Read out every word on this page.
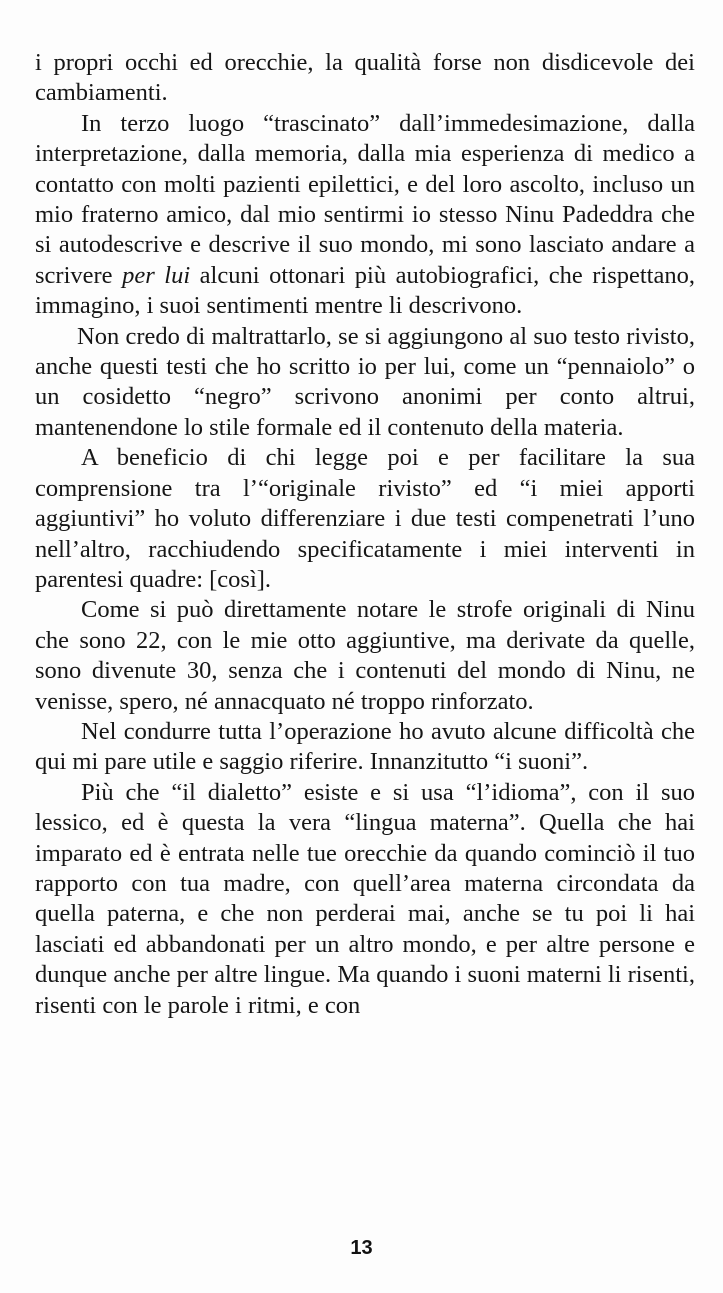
i propri occhi ed orecchie, la qualità forse non disdicevole dei cambiamenti.

In terzo luogo “trascinato” dall’immedesimazione, dalla interpretazione, dalla memoria, dalla mia esperienza di medico a contatto con molti pazienti epilettici, e del loro ascolto, incluso un mio fraterno amico, dal mio sentirmi io stesso Ninu Padeddra che si autodescrive e descrive il suo mondo, mi sono lasciato andare a scrivere per lui alcuni ottonari più autobiografici, che rispettano, immagino, i suoi sentimenti mentre li descrivono.

Non credo di maltrattarlo, se si aggiungono al suo testo rivisto, anche questi testi che ho scritto io per lui, come un “pennaiolo” o un cosidetto “negro” scrivono anonimi per conto altrui, mantenendone lo stile formale ed il contenuto della materia.

A beneficio di chi legge poi e per facilitare la sua comprensione tra l’“originale rivisto” ed “i miei apporti aggiuntivi” ho voluto differenziare i due testi compenetrati l’uno nell’altro, racchiudendo specificatamente i miei interventi in parentesi quadre: [così].

Come si può direttamente notare le strofe originali di Ninu che sono 22, con le mie otto aggiuntive, ma derivate da quelle, sono divenute 30, senza che i contenuti del mondo di Ninu, ne venisse, spero, né annacquato né troppo rinforzato.

Nel condurre tutta l’operazione ho avuto alcune difficoltà che qui mi pare utile e saggio riferire. Innanzitutto “i suoni”.

Più che “il dialetto” esiste e si usa “l’idioma”, con il suo lessico, ed è questa la vera “lingua materna”. Quella che hai imparato ed è entrata nelle tue orecchie da quando cominciò il tuo rapporto con tua madre, con quell’area materna circondata da quella paterna, e che non perderai mai, anche se tu poi li hai lasciati ed abbandonati per un altro mondo, e per altre persone e dunque anche per altre lingue. Ma quando i suoni materni li risenti, risenti con le parole i ritmi, e con

13
